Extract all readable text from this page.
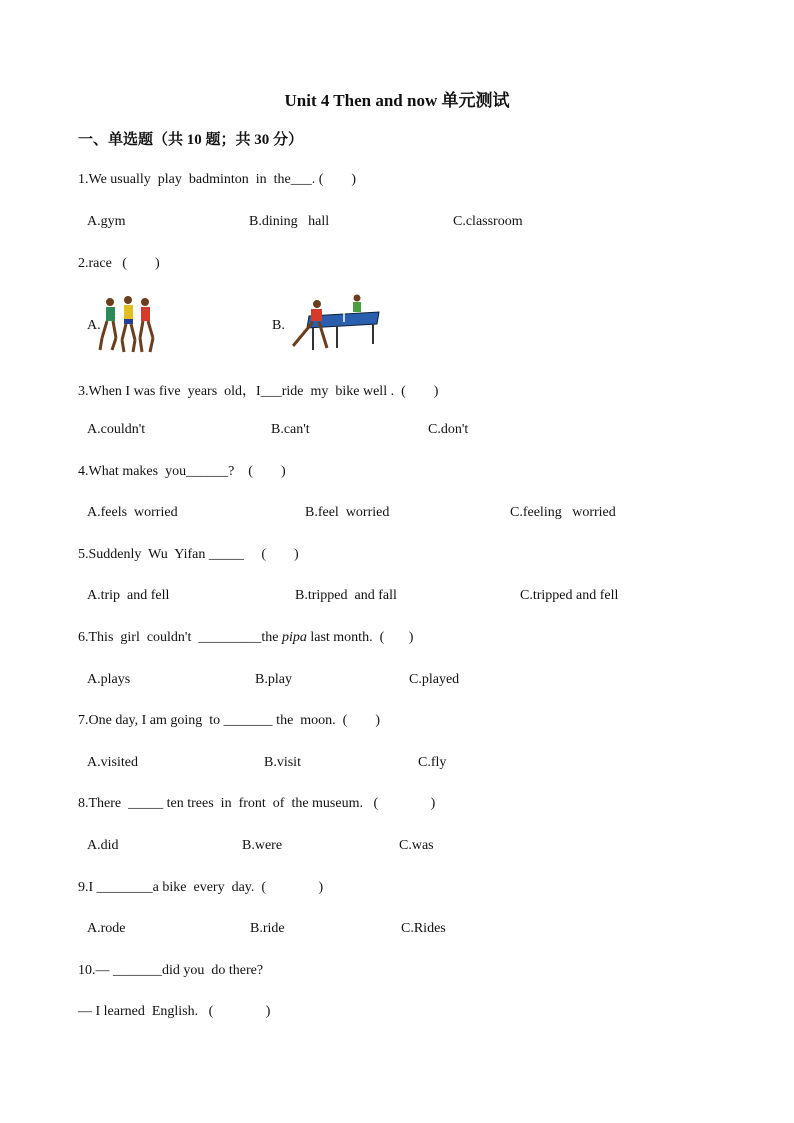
Unit 4 Then and now 单元测试
一、单选题（共 10 题；共 30 分）
1.We usually  play  badminton  in  the___. (        )
A.gym	B.dining   hall	C.classroom
2.race   (        )
A.	B.
3.When I was five  years  old，I___ride  my  bike well .  (        )
A.couldn't	B.can't	C.don't
4.What makes  you______?    (        )
A.feels  worried	B.feel  worried	C.feeling   worried
5.Suddenly  Wu  Yifan _____     (        )
A.trip  and fell	B.tripped  and fall	C.tripped and fell
6.This  girl  couldn't  _________the pipa last month.  (       )
A.plays	B.play	C.played
7.One day, I am going  to _______ the  moon.  (        )
A.visited	B.visit	C.fly
8.There  _____ ten trees  in  front  of  the museum.   (               )
A.did	B.were	C.was
9.I ________a bike  every  day.  (               )
A.rode	B.ride	C.Rides
10.— _______did you  do there?
— I learned  English.   (               )
